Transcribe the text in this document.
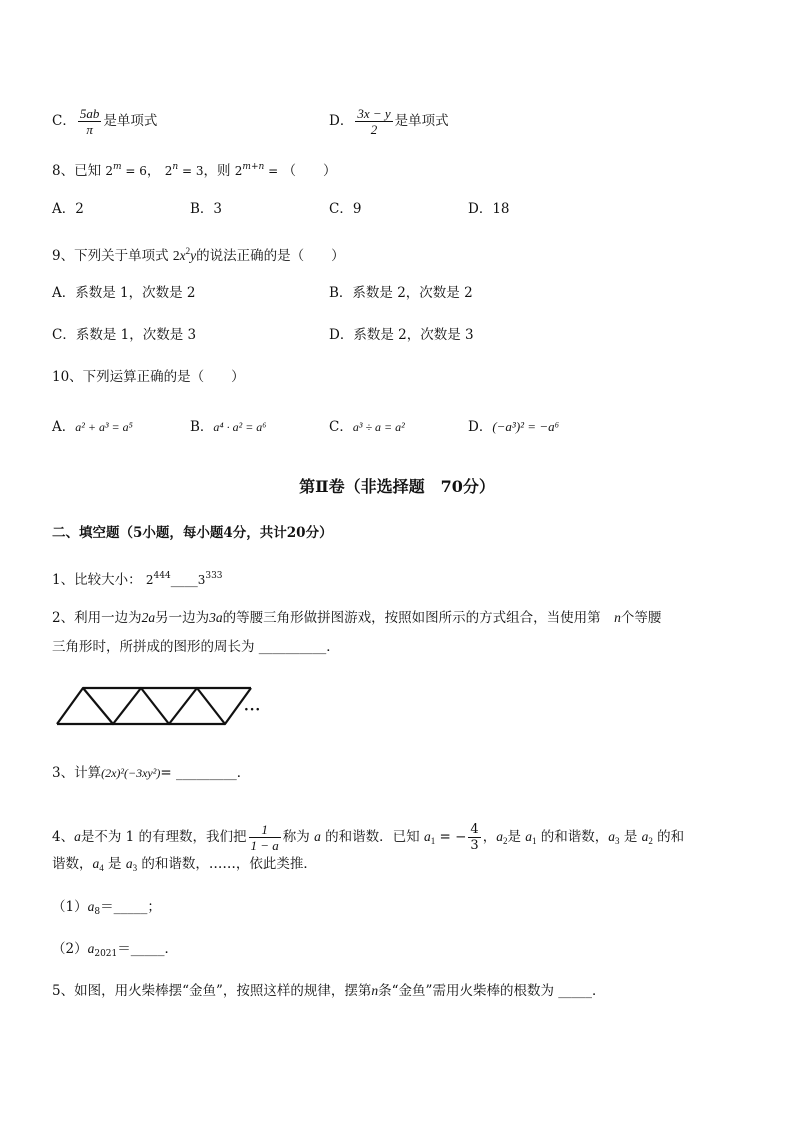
C． $\frac{5ab}{\pi}$ 是单项式	D． $\frac{3x - y}{2}$ 是单项式
8、已知 $2^m = 6$， $2^n = 3$，则 $2^{m+n}$ = （　　）
A．2	B．3	C．9	D．18
9、下列关于单项式 $2x^2y$的说法正确的是（　　）
A．系数是 1，次数是 2	B．系数是 2，次数是 2
C．系数是 1，次数是 3	D．系数是 2，次数是 3
10、下列运算正确的是（　　）
A．a² + a³ = a⁵	B．a⁴ · a² = a⁶	C．a³ ÷ a = a²	D．(−a³)² = −a⁶
第Ⅱ卷（非选择题　70分）
二、填空题（5小题，每小题4分，共计20分）
1、比较大小： $2^{444}\_\_\_\_3^{333}$
2、利用一边为2a另一边为3a的等腰三角形做拼图游戏，按照如图所示的方式组合，当使用第　n个等腰
三角形时，所拼成的图形的周长为 __________．
···
3、计算(2x)²(−3xy²)= _________．
4、a是不为 1 的有理数，我们把 $\frac{1}{1 - a}$ 称为 a 的和谐数．已知 $a_1$ = − $\frac{4}{3}$ ，$a_2$是 $a_1$ 的和谐数，$a_3$ 是 $a_2$ 的和
谐数，$a_4$ 是 $a_3$ 的和谐数，……，依此类推．
$(1)a_8=\_\_\_\_\_$；
$(2)a_{2021}=\_\_\_\_\_$．
5、如图，用火柴棒摆“金鱼”，按照这样的规律，摆第n条“金鱼”需用火柴棒的根数为 _____．
